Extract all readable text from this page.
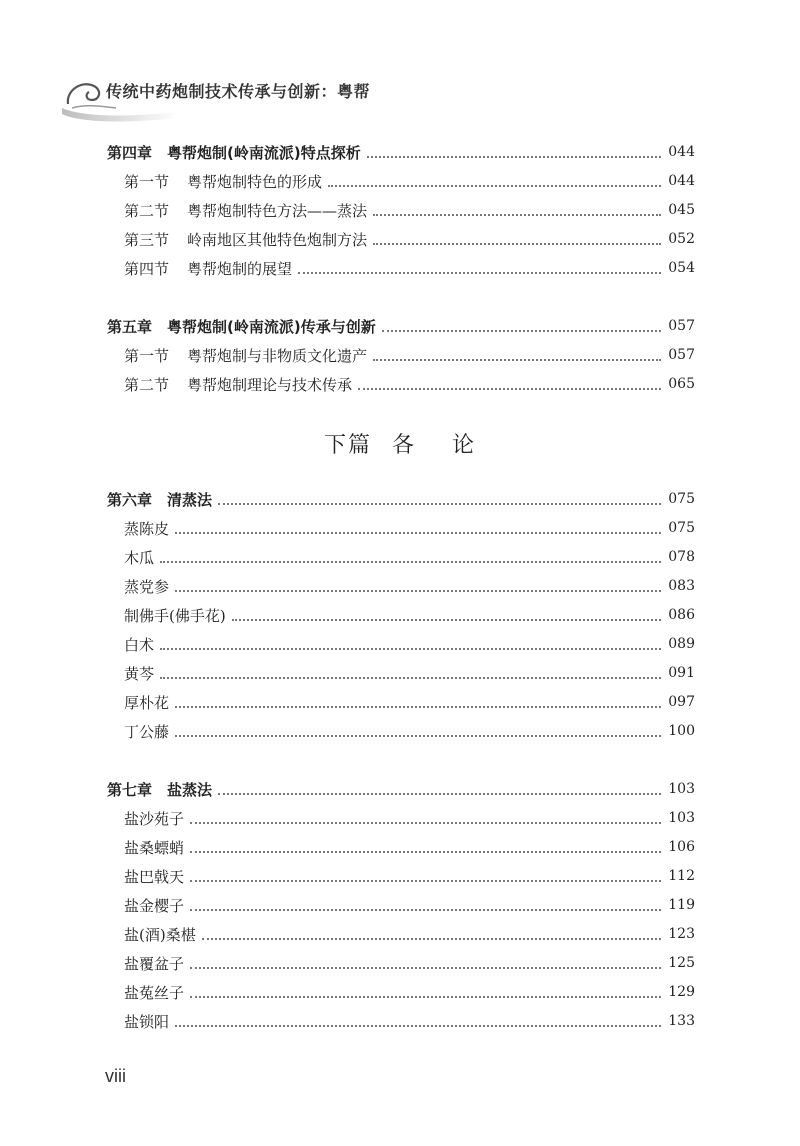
传统中药炮制技术传承与创新：粤帮
第四章　粤帮炮制(岭南流派)特点探析	044
第一节 粤帮炮制特色的形成	044
第二节 粤帮炮制特色方法——蒸法	045
第三节 岭南地区其他特色炮制方法	052
第四节 粤帮炮制的展望	054
第五章　粤帮炮制(岭南流派)传承与创新	057
第一节 粤帮炮制与非物质文化遗产	057
第二节 粤帮炮制理论与技术传承	065
下篇 各 论
第六章　清蒸法	075
蒸陈皮	075
木瓜	078
蒸党参	083
制佛手(佛手花)	086
白术	089
黄芩	091
厚朴花	097
丁公藤	100
第七章　盐蒸法	103
盐沙苑子	103
盐桑螵蛸	106
盐巴戟天	112
盐金樱子	119
盐(酒)桑椹	123
盐覆盆子	125
盐菟丝子	129
盐锁阳	133
viii
